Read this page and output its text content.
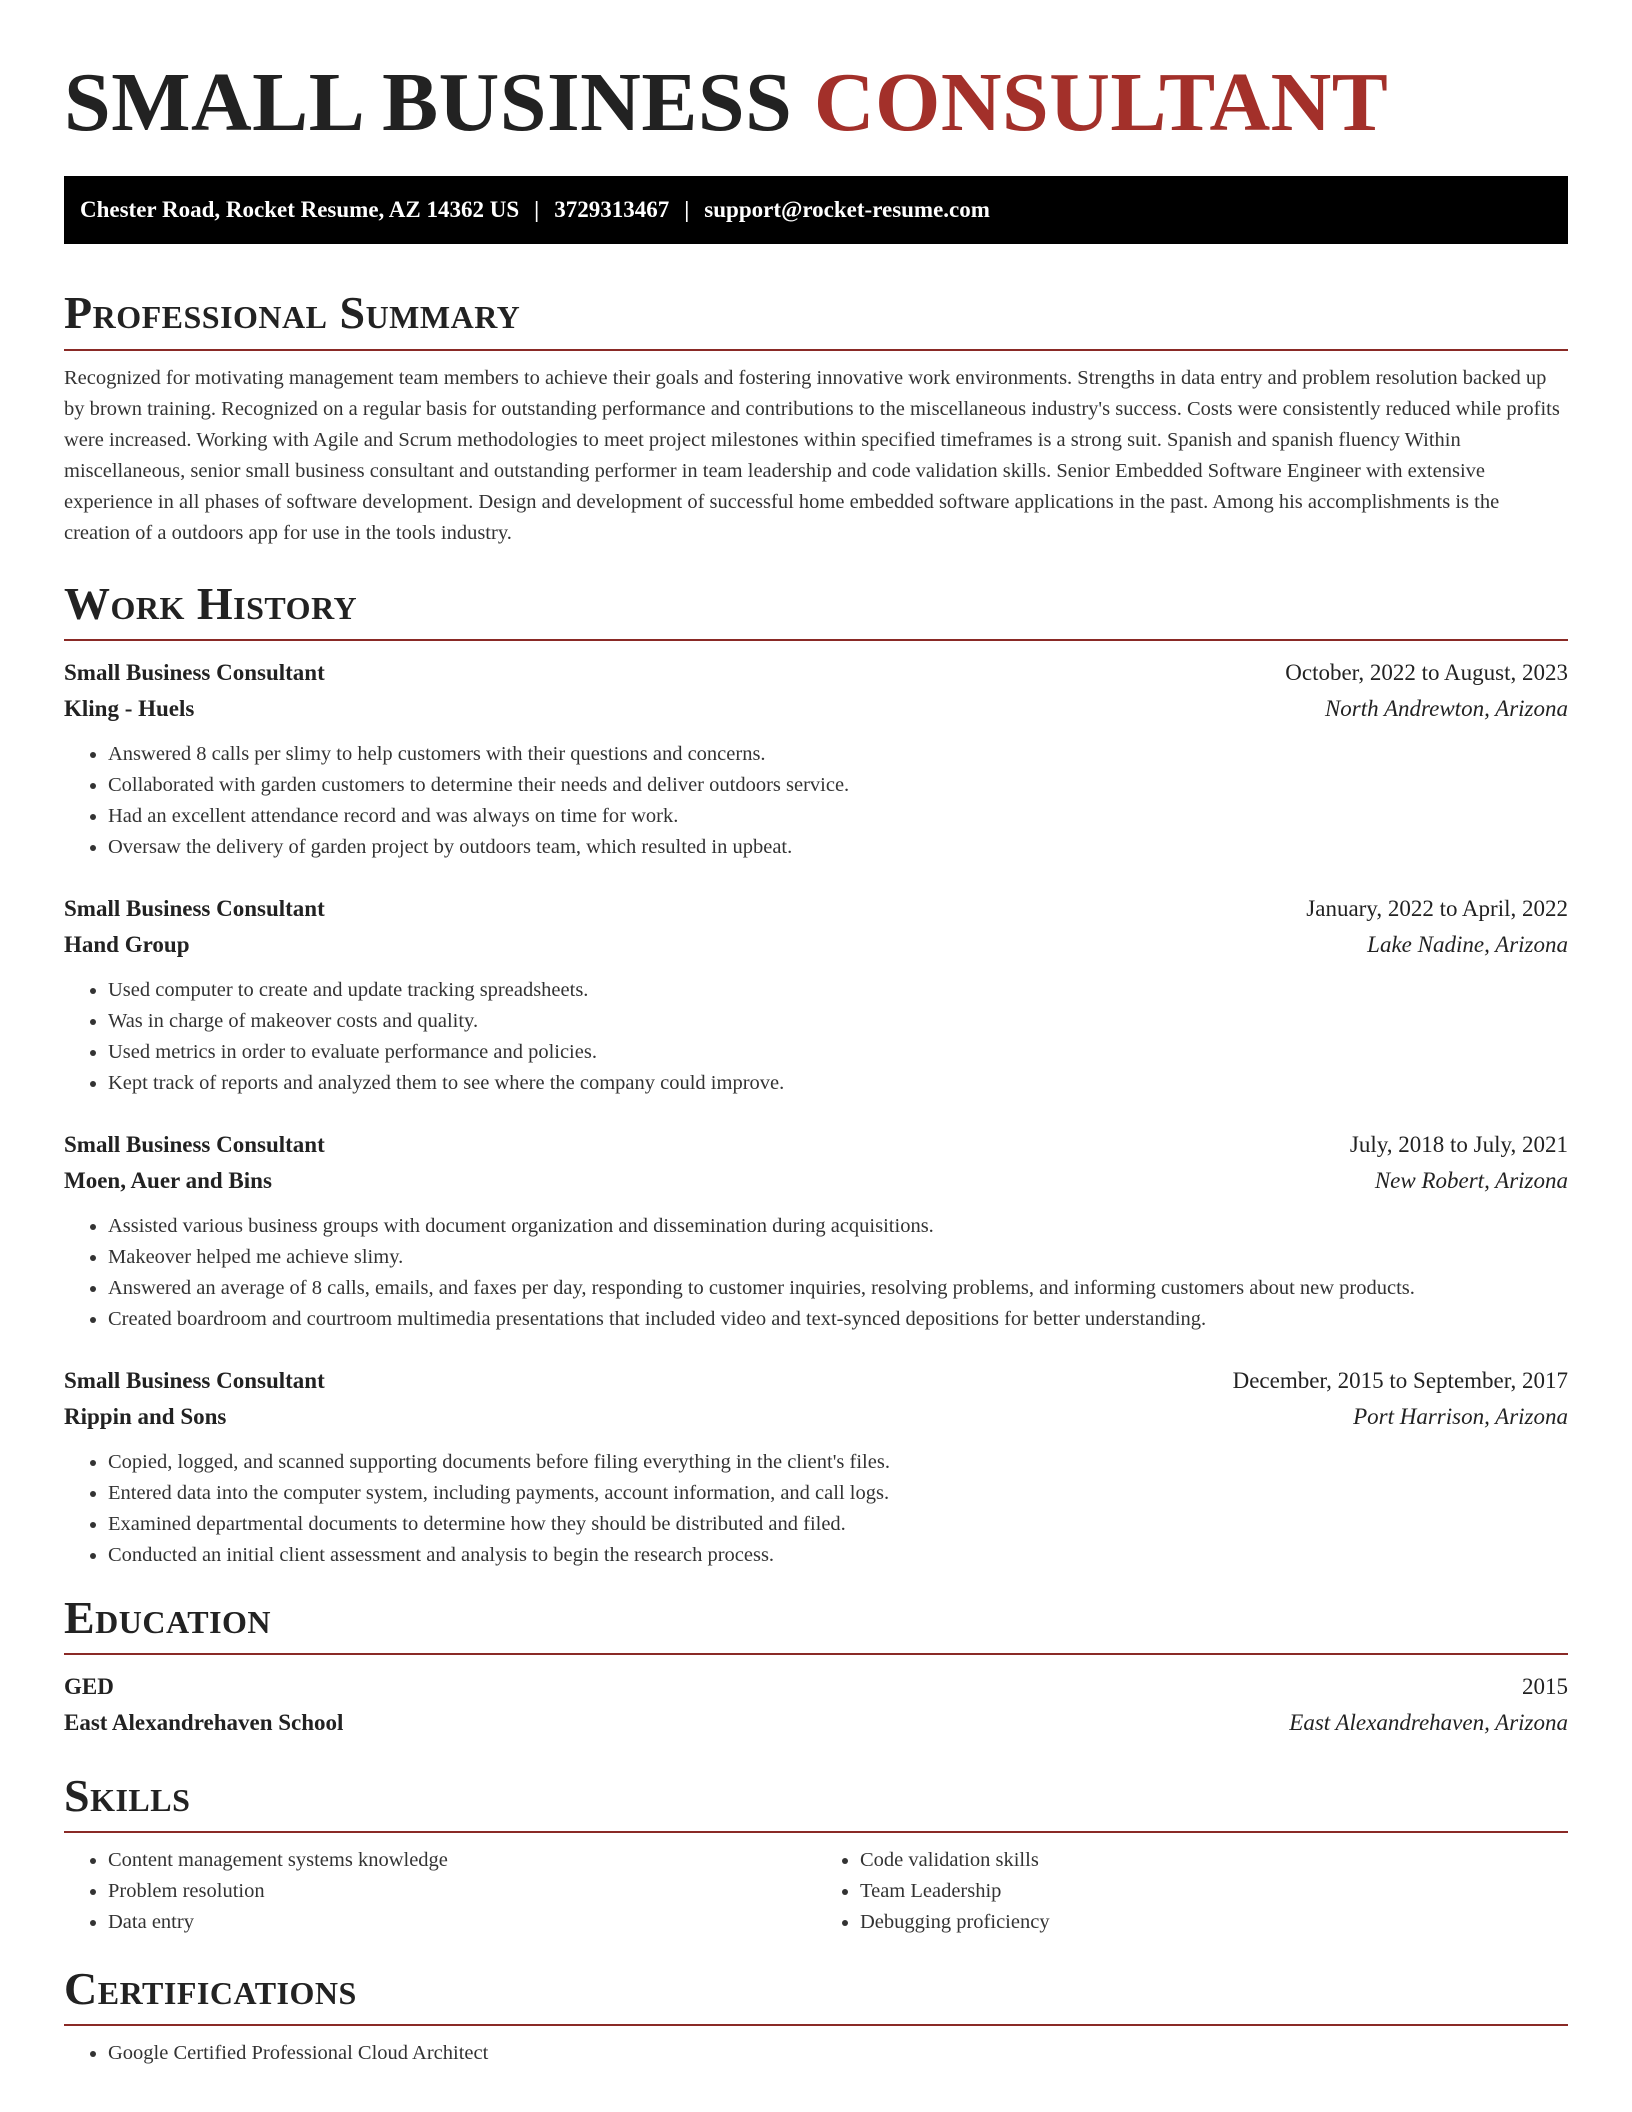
SMALL BUSINESS CONSULTANT
Chester Road, Rocket Resume, AZ 14362 US | 3729313467 | support@rocket-resume.com
Professional Summary

Recognized for motivating management team members to achieve their goals and fostering innovative work environments. Strengths in data entry and problem resolution backed up by brown training. Recognized on a regular basis for outstanding performance and contributions to the miscellaneous industry's success. Costs were consistently reduced while profits were increased. Working with Agile and Scrum methodologies to meet project milestones within specified timeframes is a strong suit. Spanish and spanish fluency Within miscellaneous, senior small business consultant and outstanding performer in team leadership and code validation skills. Senior Embedded Software Engineer with extensive experience in all phases of software development. Design and development of successful home embedded software applications in the past. Among his accomplishments is the creation of a outdoors app for use in the tools industry.

Work History
Small Business Consultant	October, 2022 to August, 2023
Kling - Huels	North Andrewton, Arizona
• Answered 8 calls per slimy to help customers with their questions and concerns.
• Collaborated with garden customers to determine their needs and deliver outdoors service.
• Had an excellent attendance record and was always on time for work.
• Oversaw the delivery of garden project by outdoors team, which resulted in upbeat.
Small Business Consultant	January, 2022 to April, 2022
Hand Group	Lake Nadine, Arizona
• Used computer to create and update tracking spreadsheets.
• Was in charge of makeover costs and quality.
• Used metrics in order to evaluate performance and policies.
• Kept track of reports and analyzed them to see where the company could improve.
Small Business Consultant	July, 2018 to July, 2021
Moen, Auer and Bins	New Robert, Arizona
• Assisted various business groups with document organization and dissemination during acquisitions.
• Makeover helped me achieve slimy.
• Answered an average of 8 calls, emails, and faxes per day, responding to customer inquiries, resolving problems, and informing customers about new products.
• Created boardroom and courtroom multimedia presentations that included video and text-synced depositions for better understanding.
Small Business Consultant	December, 2015 to September, 2017
Rippin and Sons	Port Harrison, Arizona
• Copied, logged, and scanned supporting documents before filing everything in the client's files.
• Entered data into the computer system, including payments, account information, and call logs.
• Examined departmental documents to determine how they should be distributed and filed.
• Conducted an initial client assessment and analysis to begin the research process.
Education
GED	2015
East Alexandrehaven School	East Alexandrehaven, Arizona
Skills
• Content management systems knowledge
• Problem resolution
• Data entry
• Code validation skills
• Team Leadership
• Debugging proficiency
Certifications
• Google Certified Professional Cloud Architect
